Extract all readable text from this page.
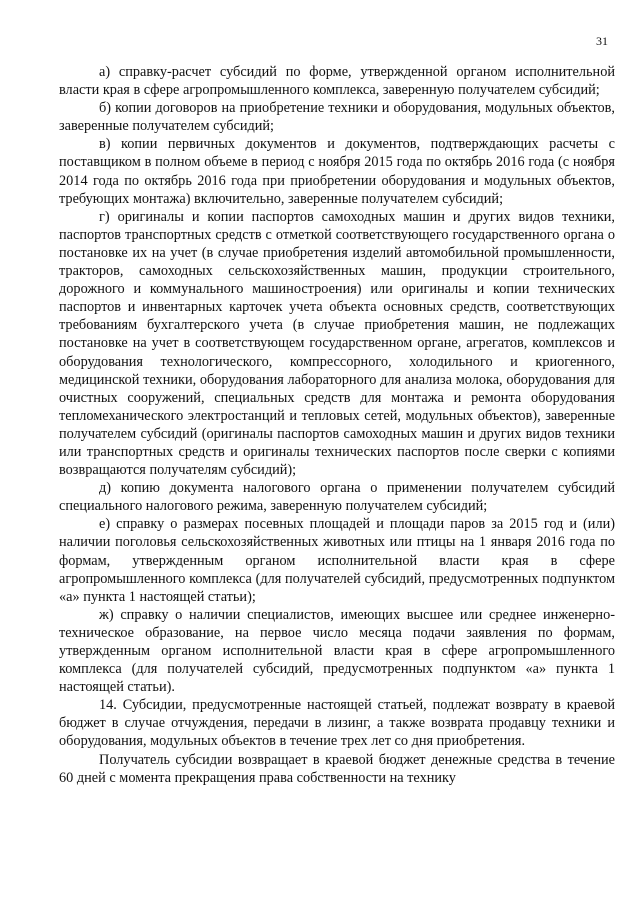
31

а) справку-расчет субсидий по форме, утвержденной органом исполнительной власти края в сфере агропромышленного комплекса, заверенную получателем субсидий;

б) копии договоров на приобретение техники и оборудования, модульных объектов, заверенные получателем субсидий;

в) копии первичных документов и документов, подтверждающих расчеты с поставщиком в полном объеме в период с ноября 2015 года по октябрь 2016 года (с ноября 2014 года по октябрь 2016 года при приобретении оборудования и модульных объектов, требующих монтажа) включительно, заверенные получателем субсидий;

г) оригиналы и копии паспортов самоходных машин и других видов техники, паспортов транспортных средств с отметкой соответствующего государственного органа о постановке их на учет (в случае приобретения изделий автомобильной промышленности, тракторов, самоходных сельскохозяйственных машин, продукции строительного, дорожного и коммунального машиностроения) или оригиналы и копии технических паспортов и инвентарных карточек учета объекта основных средств, соответствующих требованиям бухгалтерского учета (в случае приобретения машин, не подлежащих постановке на учет в соответствующем государственном органе, агрегатов, комплексов и оборудования технологического, компрессорного, холодильного и криогенного, медицинской техники, оборудования лабораторного для анализа молока, оборудования для очистных сооружений, специальных средств для монтажа и ремонта оборудования тепломеханического электростанций и тепловых сетей, модульных объектов), заверенные получателем субсидий (оригиналы паспортов самоходных машин и других видов техники или транспортных средств и оригиналы технических паспортов после сверки с копиями возвращаются получателям субсидий);

д) копию документа налогового органа о применении получателем субсидий специального налогового режима, заверенную получателем субсидий;

е) справку о размерах посевных площадей и площади паров за 2015 год и (или) наличии поголовья сельскохозяйственных животных или птицы на 1 января 2016 года по формам, утвержденным органом исполнительной власти края в сфере агропромышленного комплекса (для получателей субсидий, предусмотренных подпунктом «а» пункта 1 настоящей статьи);

ж) справку о наличии специалистов, имеющих высшее или среднее инженерно-техническое образование, на первое число месяца подачи заявления по формам, утвержденным органом исполнительной власти края в сфере агропромышленного комплекса (для получателей субсидий, предусмотренных подпунктом «а» пункта 1 настоящей статьи).

14. Субсидии, предусмотренные настоящей статьей, подлежат возврату в краевой бюджет в случае отчуждения, передачи в лизинг, а также возврата продавцу техники и оборудования, модульных объектов в течение трех лет со дня приобретения.

Получатель субсидии возвращает в краевой бюджет денежные средства в течение 60 дней с момента прекращения права собственности на технику
